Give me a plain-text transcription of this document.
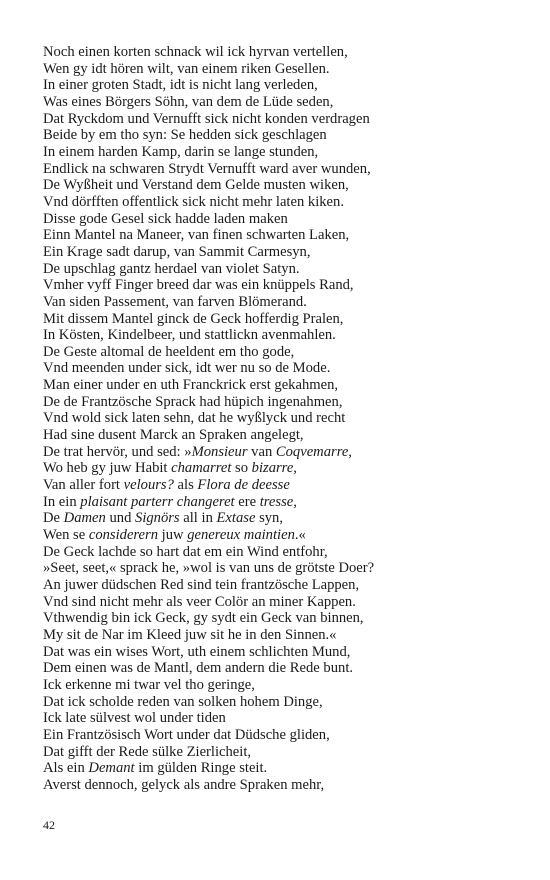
Noch einen korten schnack wil ick hyrvan vertellen,
Wen gy idt hören wilt, van einem riken Gesellen.
In einer groten Stadt, idt is nicht lang verleden,
Was eines Börgers Söhn, van dem de Lüde seden,
Dat Ryckdom und Vernufft sick nicht konden verdragen
Beide by em tho syn: Se hedden sick geschlagen
In einem harden Kamp, darin se lange stunden,
Endlick na schwaren Strydt Vernufft ward aver wunden,
De Wyßheit und Verstand dem Gelde musten wiken,
Vnd dörfften offentlick sick nicht mehr laten kiken.
Disse gode Gesel sick hadde laden maken
Einn Mantel na Maneer, van finen schwarten Laken,
Ein Krage sadt darup, van Sammit Carmesyn,
De upschlag gantz herdael van violet Satyn.
Vmher vyff Finger breed dar was ein knüppels Rand,
Van siden Passement, van farven Blömerand.
Mit dissem Mantel ginck de Geck hofferdig Pralen,
In Kösten, Kindelbeer, und stattlickn avenmahlen.
De Geste altomal de heeldent em tho gode,
Vnd meenden under sick, idt wer nu so de Mode.
Man einer under en uth Franckrick erst gekahmen,
De de Frantzösche Sprack had hüpich ingenahmen,
Vnd wold sick laten sehn, dat he wyßlyck und recht
Had sine dusent Marck an Spraken angelegt,
De trat hervör, und sed: »Monsieur van Coqvemarre,
Wo heb gy juw Habit chamarret so bizarre,
Van aller fort velours? als Flora de deesse
In ein plaisant parterr changeret ere tresse,
De Damen und Signörs all in Extase syn,
Wen se considerern juw genereux maintien.«
De Geck lachde so hart dat em ein Wind entfohr,
»Seet, seet,« sprack he, »wol is van uns de grötste Doer?
An juwer düdschen Red sind tein frantzösche Lappen,
Vnd sind nicht mehr als veer Colör an miner Kappen.
Vthwendig bin ick Geck, gy sydt ein Geck van binnen,
My sit de Nar im Kleed juw sit he in den Sinnen.«
Dat was ein wises Wort, uth einem schlichten Mund,
Dem einen was de Mantl, dem andern die Rede bunt.
Ick erkenne mi twar vel tho geringe,
Dat ick scholde reden van solken hohem Dinge,
Ick late sülvest wol under tiden
Ein Frantzösisch Wort under dat Düdsche gliden,
Dat gifft der Rede sülke Zierlicheit,
Als ein Demant im gülden Ringe steit.
Averst dennoch, gelyck als andre Spraken mehr,
42
